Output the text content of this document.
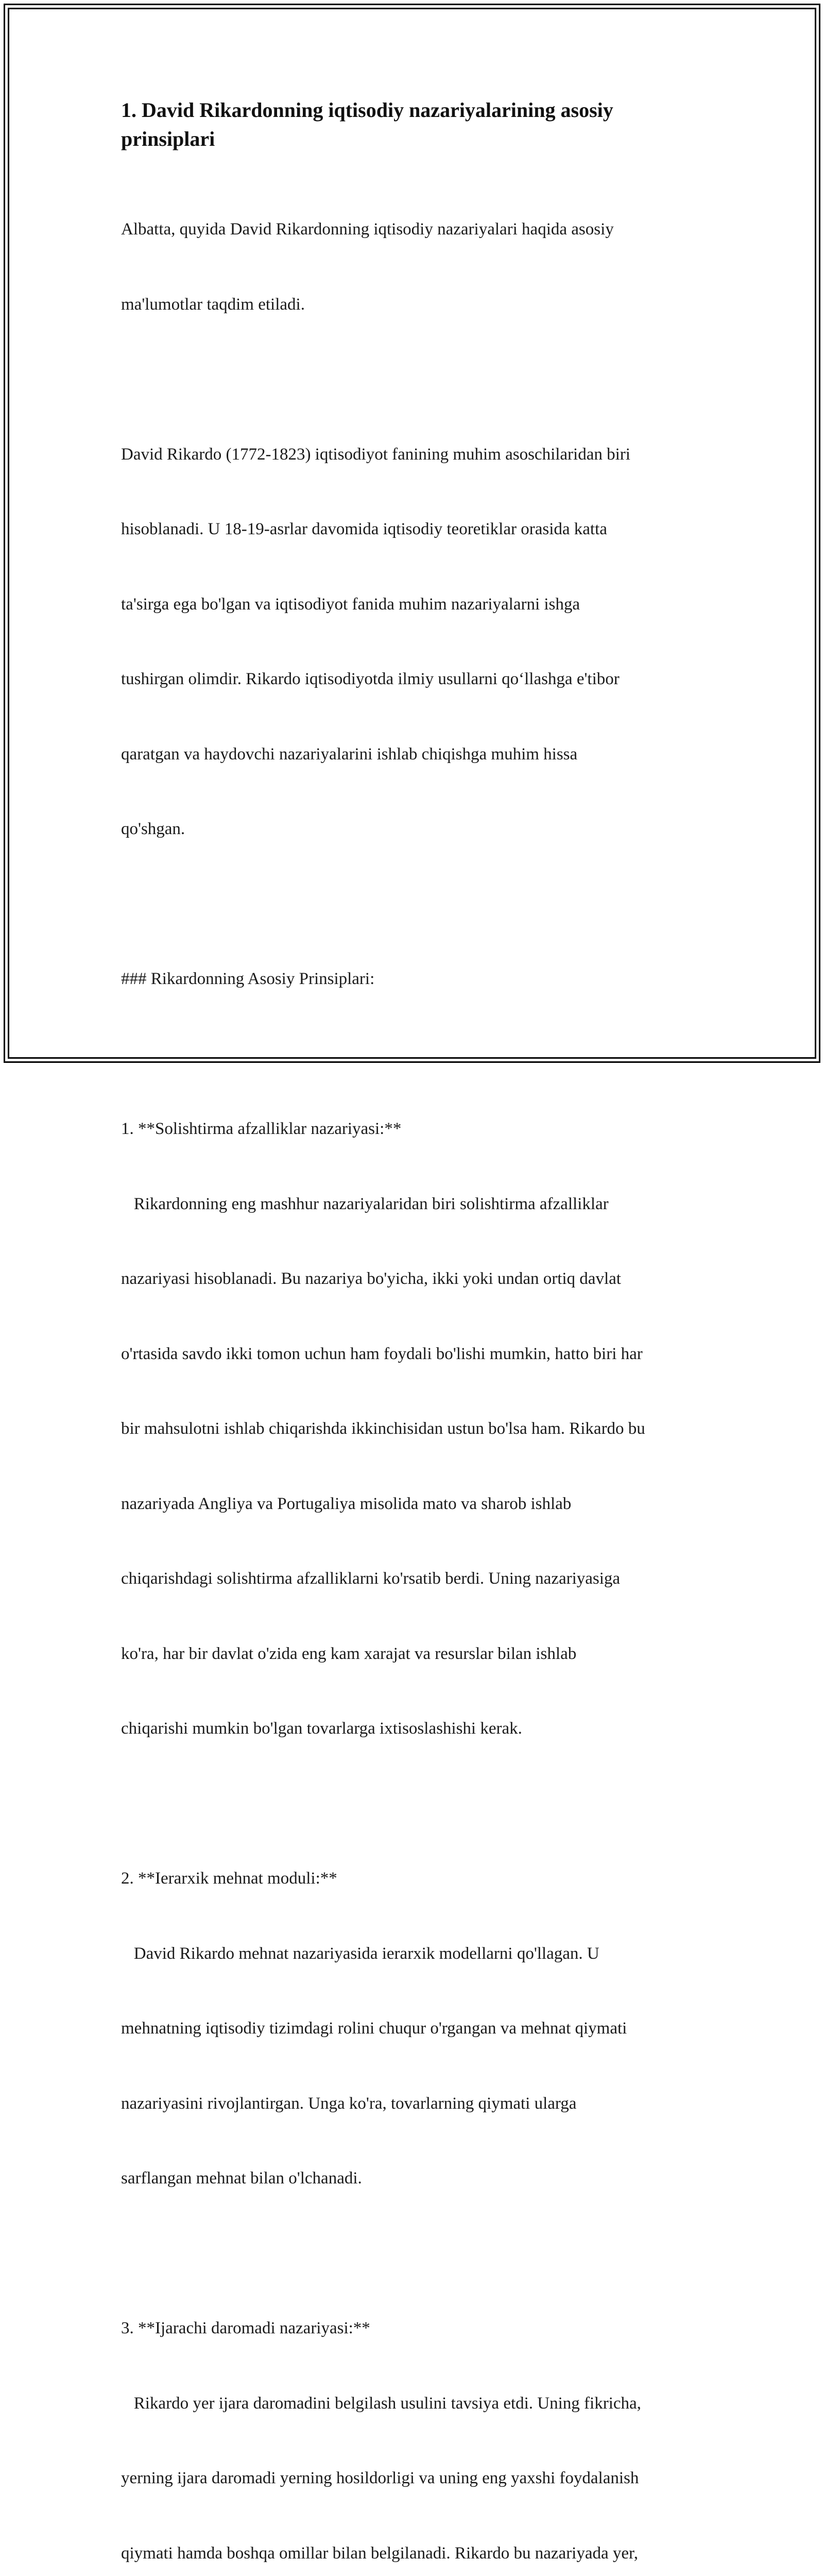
1. David Rikardonning iqtisodiy nazariyalarining asosiy
prinsiplari

Albatta, quyida David Rikardonning iqtisodiy nazariyalari haqida asosiy

ma'lumotlar taqdim etiladi.

David Rikardo (1772-1823) iqtisodiyot fanining muhim asoschilaridan biri

hisoblanadi. U 18-19-asrlar davomida iqtisodiy teoretiklar orasida katta

ta'sirga ega bo'lgan va iqtisodiyot fanida muhim nazariyalarni ishga

tushirgan olimdir. Rikardo iqtisodiyotda ilmiy usullarni qo‘llashga e'tibor

qaratgan va haydovchi nazariyalarini ishlab chiqishga muhim hissa

qo'shgan.

### Rikardonning Asosiy Prinsiplari:

1. **Solishtirma afzalliklar nazariyasi:**

Rikardonning eng mashhur nazariyalaridan biri solishtirma afzalliklar

nazariyasi hisoblanadi. Bu nazariya bo'yicha, ikki yoki undan ortiq davlat

o'rtasida savdo ikki tomon uchun ham foydali bo'lishi mumkin, hatto biri har

bir mahsulotni ishlab chiqarishda ikkinchisidan ustun bo'lsa ham. Rikardo bu

nazariyada Angliya va Portugaliya misolida mato va sharob ishlab

chiqarishdagi solishtirma afzalliklarni ko'rsatib berdi. Uning nazariyasiga

ko'ra, har bir davlat o'zida eng kam xarajat va resurslar bilan ishlab

chiqarishi mumkin bo'lgan tovarlarga ixtisoslashishi kerak.

2. **Ierarxik mehnat moduli:**

David Rikardo mehnat nazariyasida ierarxik modellarni qo'llagan. U

mehnatning iqtisodiy tizimdagi rolini chuqur o'rgangan va mehnat qiymati

nazariyasini rivojlantirgan. Unga ko'ra, tovarlarning qiymati ularga

sarflangan mehnat bilan o'lchanadi.

3. **Ijarachi daromadi nazariyasi:**

Rikardo yer ijara daromadini belgilash usulini tavsiya etdi. Uning fikricha,

yerning ijara daromadi yerning hosildorligi va uning eng yaxshi foydalanish

qiymati hamda boshqa omillar bilan belgilanadi. Rikardo bu nazariyada yer,
